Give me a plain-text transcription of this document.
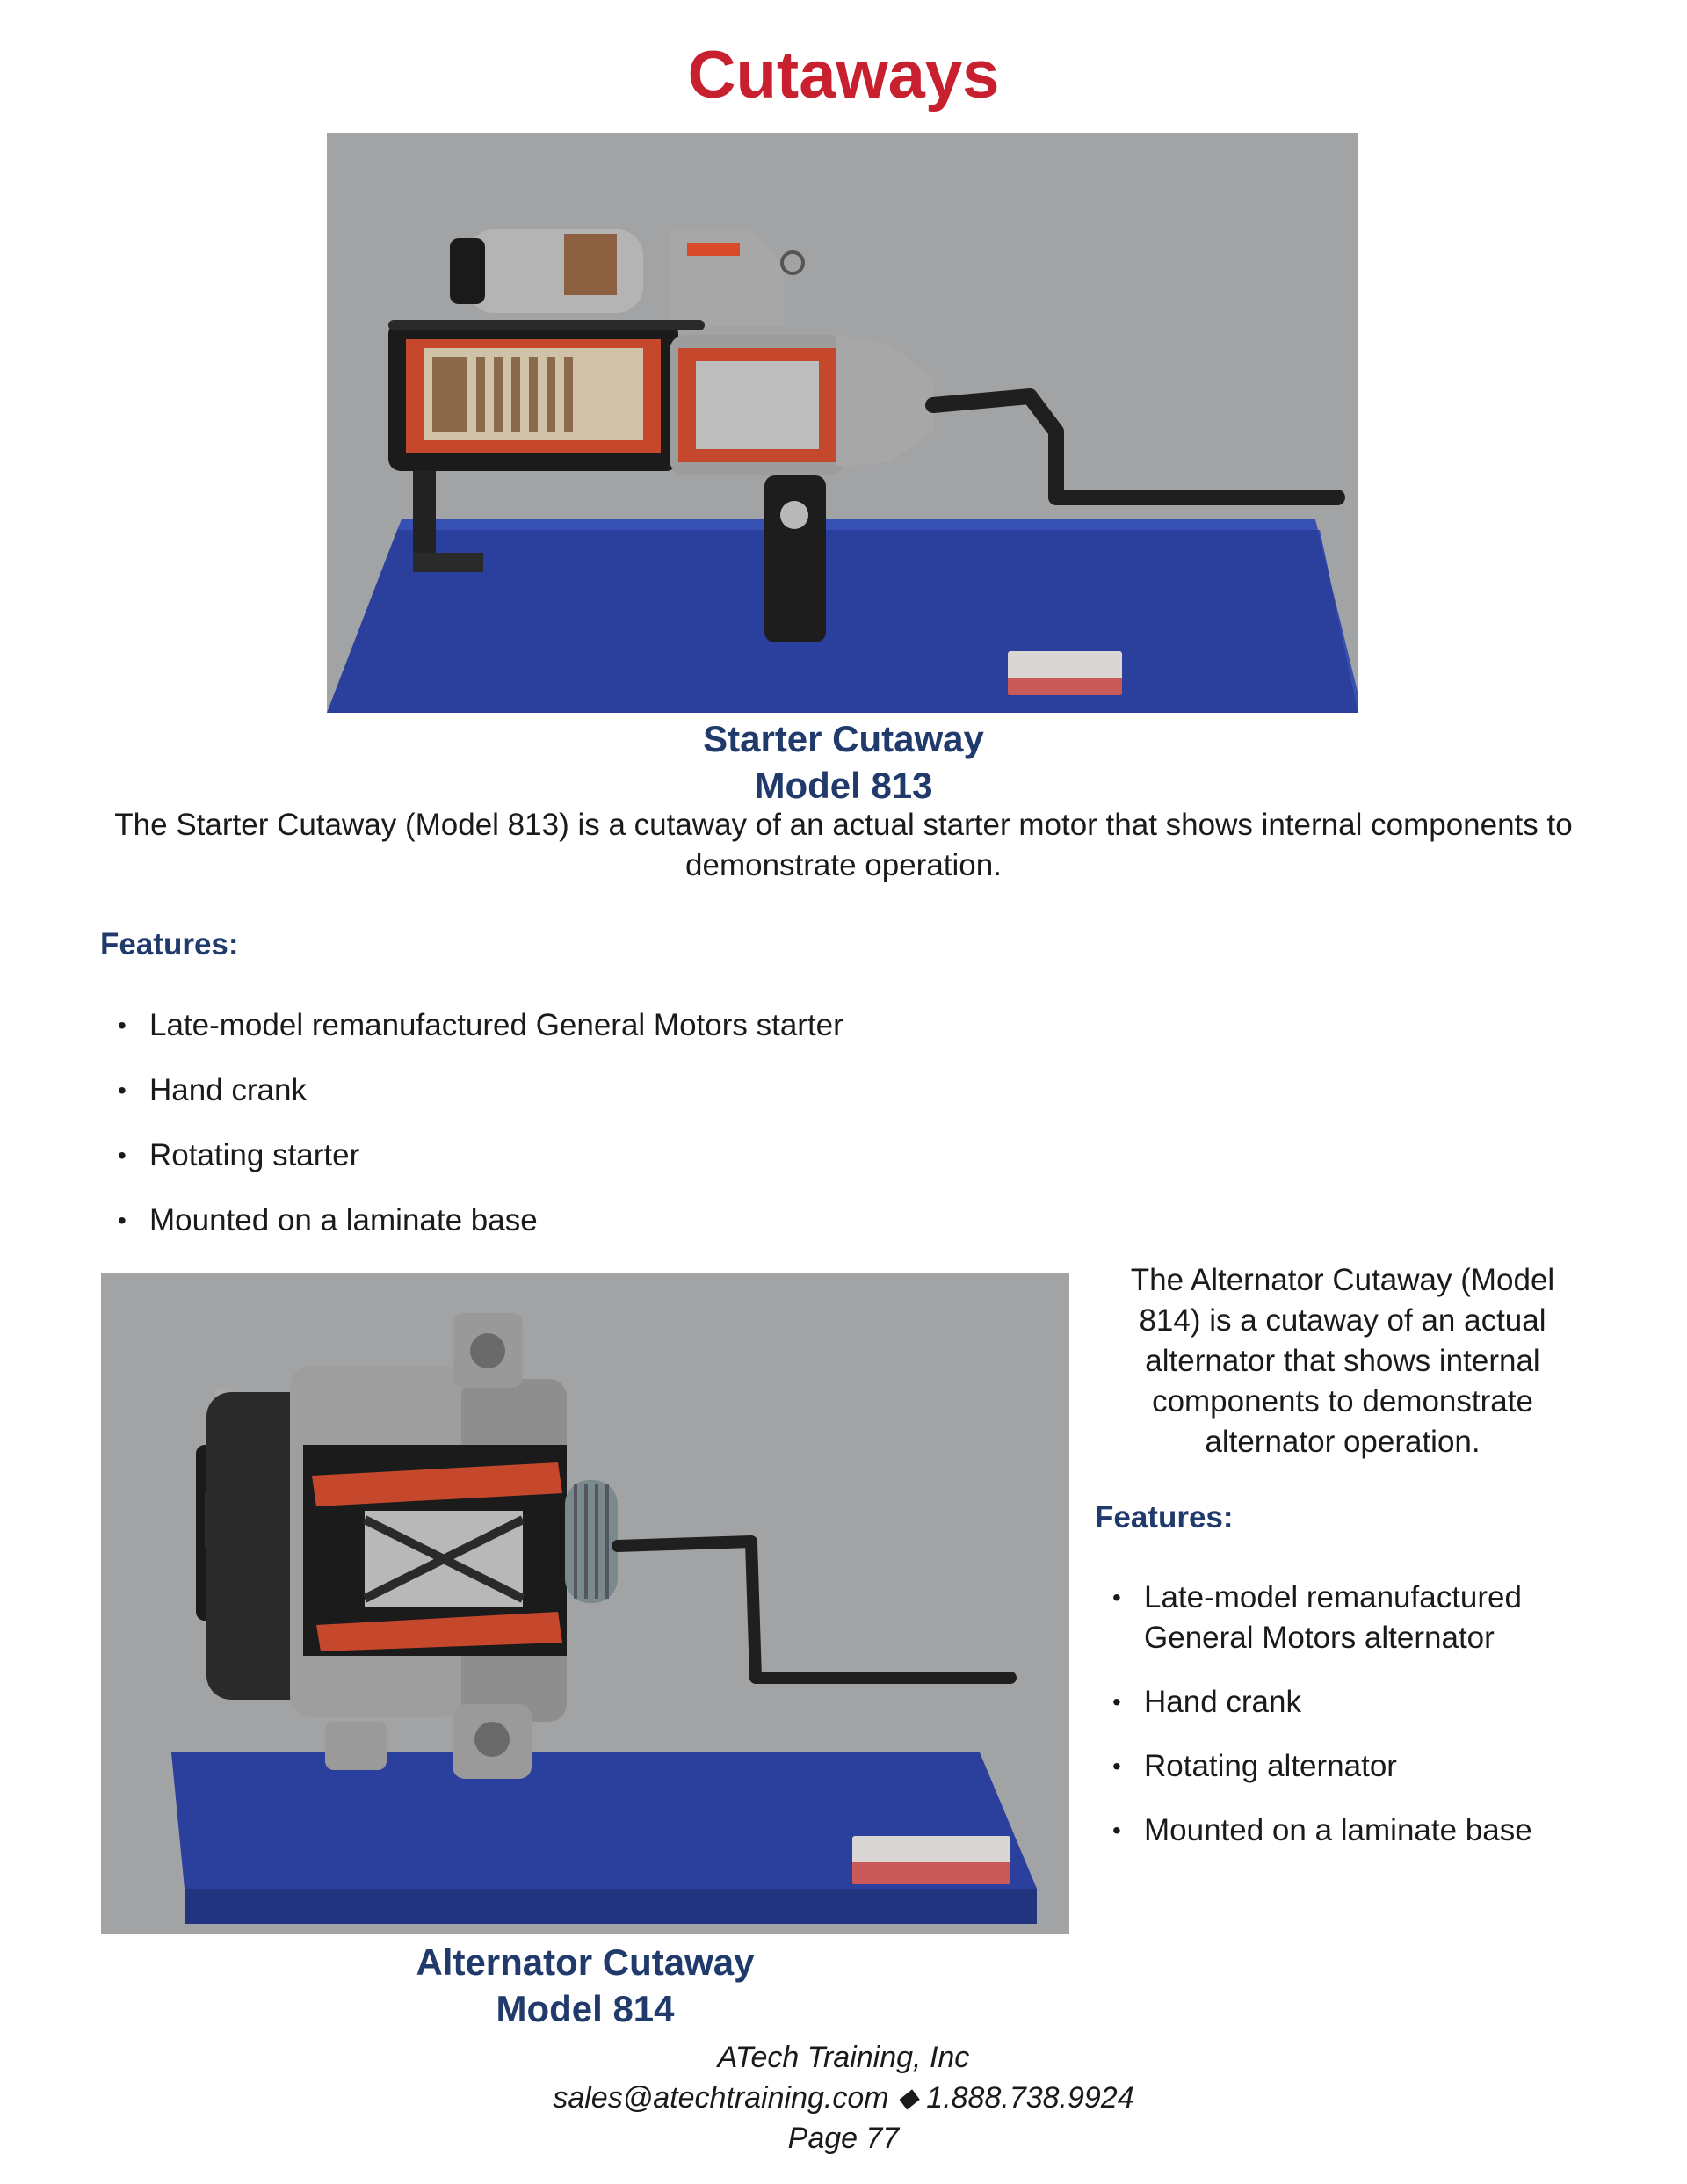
Cutaways
Starter Cutaway
Model 813
The Starter Cutaway (Model 813) is a cutaway of an actual starter motor that shows internal components to demonstrate operation.
Features:
• Late-model remanufactured General Motors starter
• Hand crank
• Rotating starter
• Mounted on a laminate base
The Alternator Cutaway (Model 814) is a cutaway of an actual alternator that shows internal components to demonstrate alternator operation.
Features:
• Late-model remanufactured General Motors alternator
• Hand crank
• Rotating alternator
• Mounted on a laminate base
Alternator Cutaway
Model 814
ATech Training, Inc
sales@atechtraining.com ⬥ 1.888.738.9924
Page 77
